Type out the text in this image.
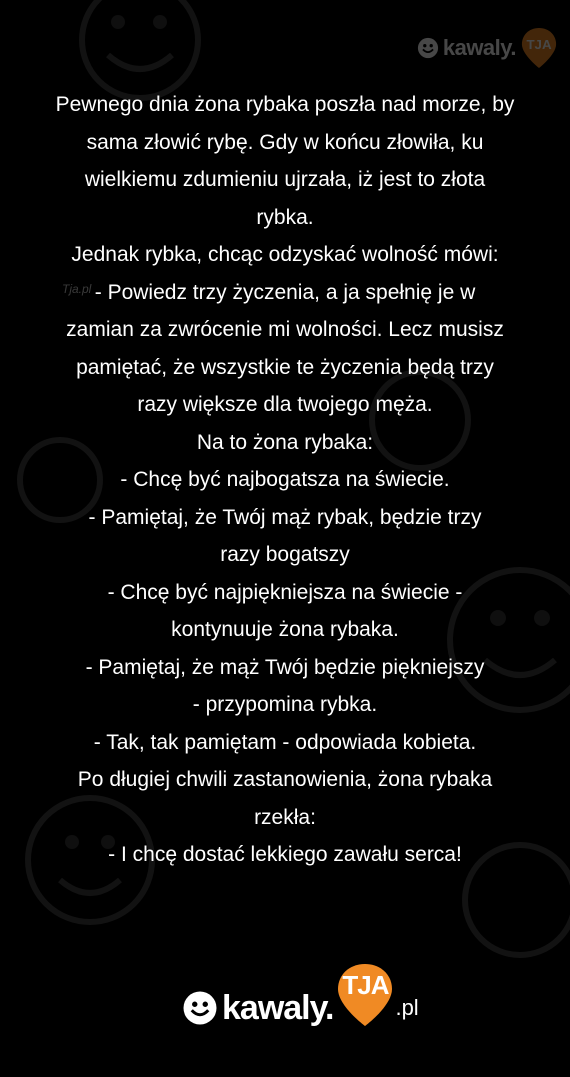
kawaly. TJA
Tja.pl
Pewnego dnia żona rybaka poszła nad morze, by
sama złowić rybę. Gdy w końcu złowiła, ku
wielkiemu zdumieniu ujrzała, iż jest to złota
rybka.
Jednak rybka, chcąc odzyskać wolność mówi:
- Powiedz trzy życzenia, a ja spełnię je w
zamian za zwrócenie mi wolności. Lecz musisz
pamiętać, że wszystkie te życzenia będą trzy
razy większe dla twojego męża.
Na to żona rybaka:
- Chcę być najbogatsza na świecie.
- Pamiętaj, że Twój mąż rybak, będzie trzy
razy bogatszy
- Chcę być najpiękniejsza na świecie -
kontynuuje żona rybaka.
- Pamiętaj, że mąż Twój będzie piękniejszy
- przypomina rybka.
- Tak, tak pamiętam - odpowiada kobieta.
Po długiej chwili zastanowienia, żona rybaka
rzekła:
- I chcę dostać lekkiego zawału serca!
kawaly.
TJA
.pl
